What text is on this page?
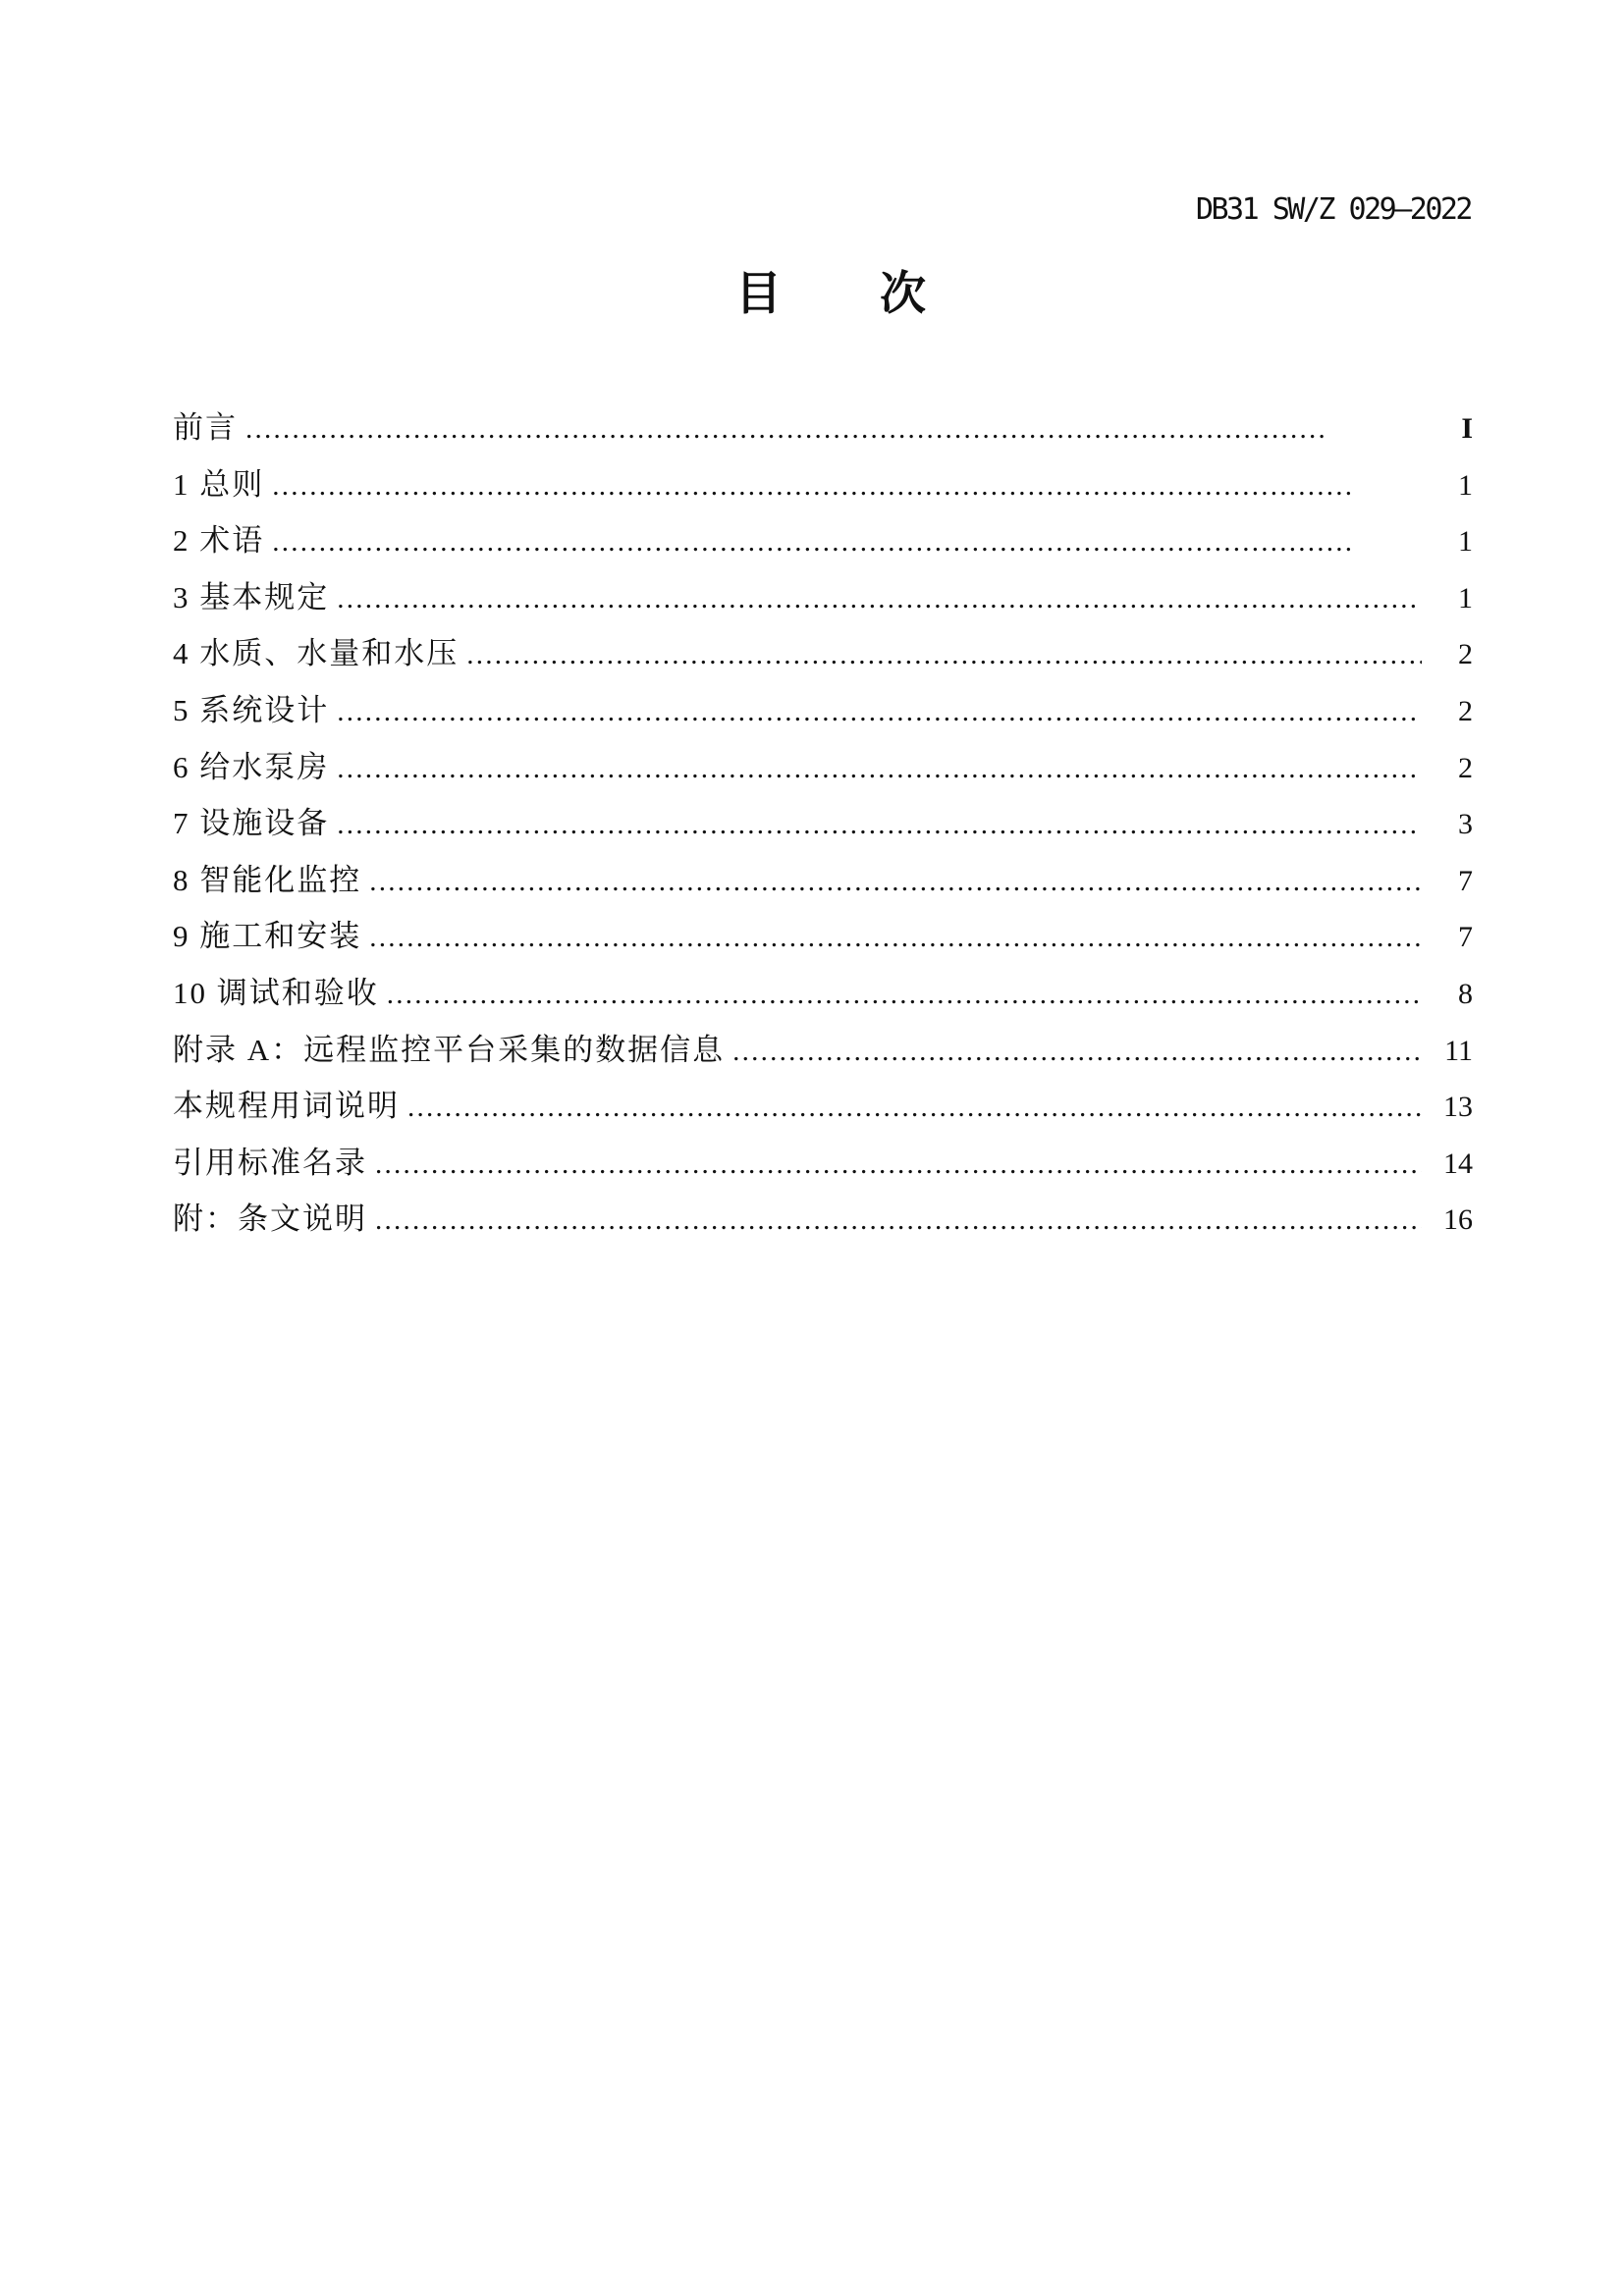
DB31 SW/Z 029—2022
目　　次
前言 . . .	I
1 总则 . . .	1
2 术语 . . .	1
3 基本规定 . . .	1
4 水质、水量和水压 . . .	2
5 系统设计 . . .	2
6 给水泵房 . . .	2
7 设施设备 . . .	3
8 智能化监控 . . .	7
9 施工和安装 . . .	7
10 调试和验收 . . .	8
附录 A：远程监控平台采集的数据信息 . . .	11
本规程用词说明 . . .	13
引用标准名录 . . .	14
附：条文说明 . . .	16
